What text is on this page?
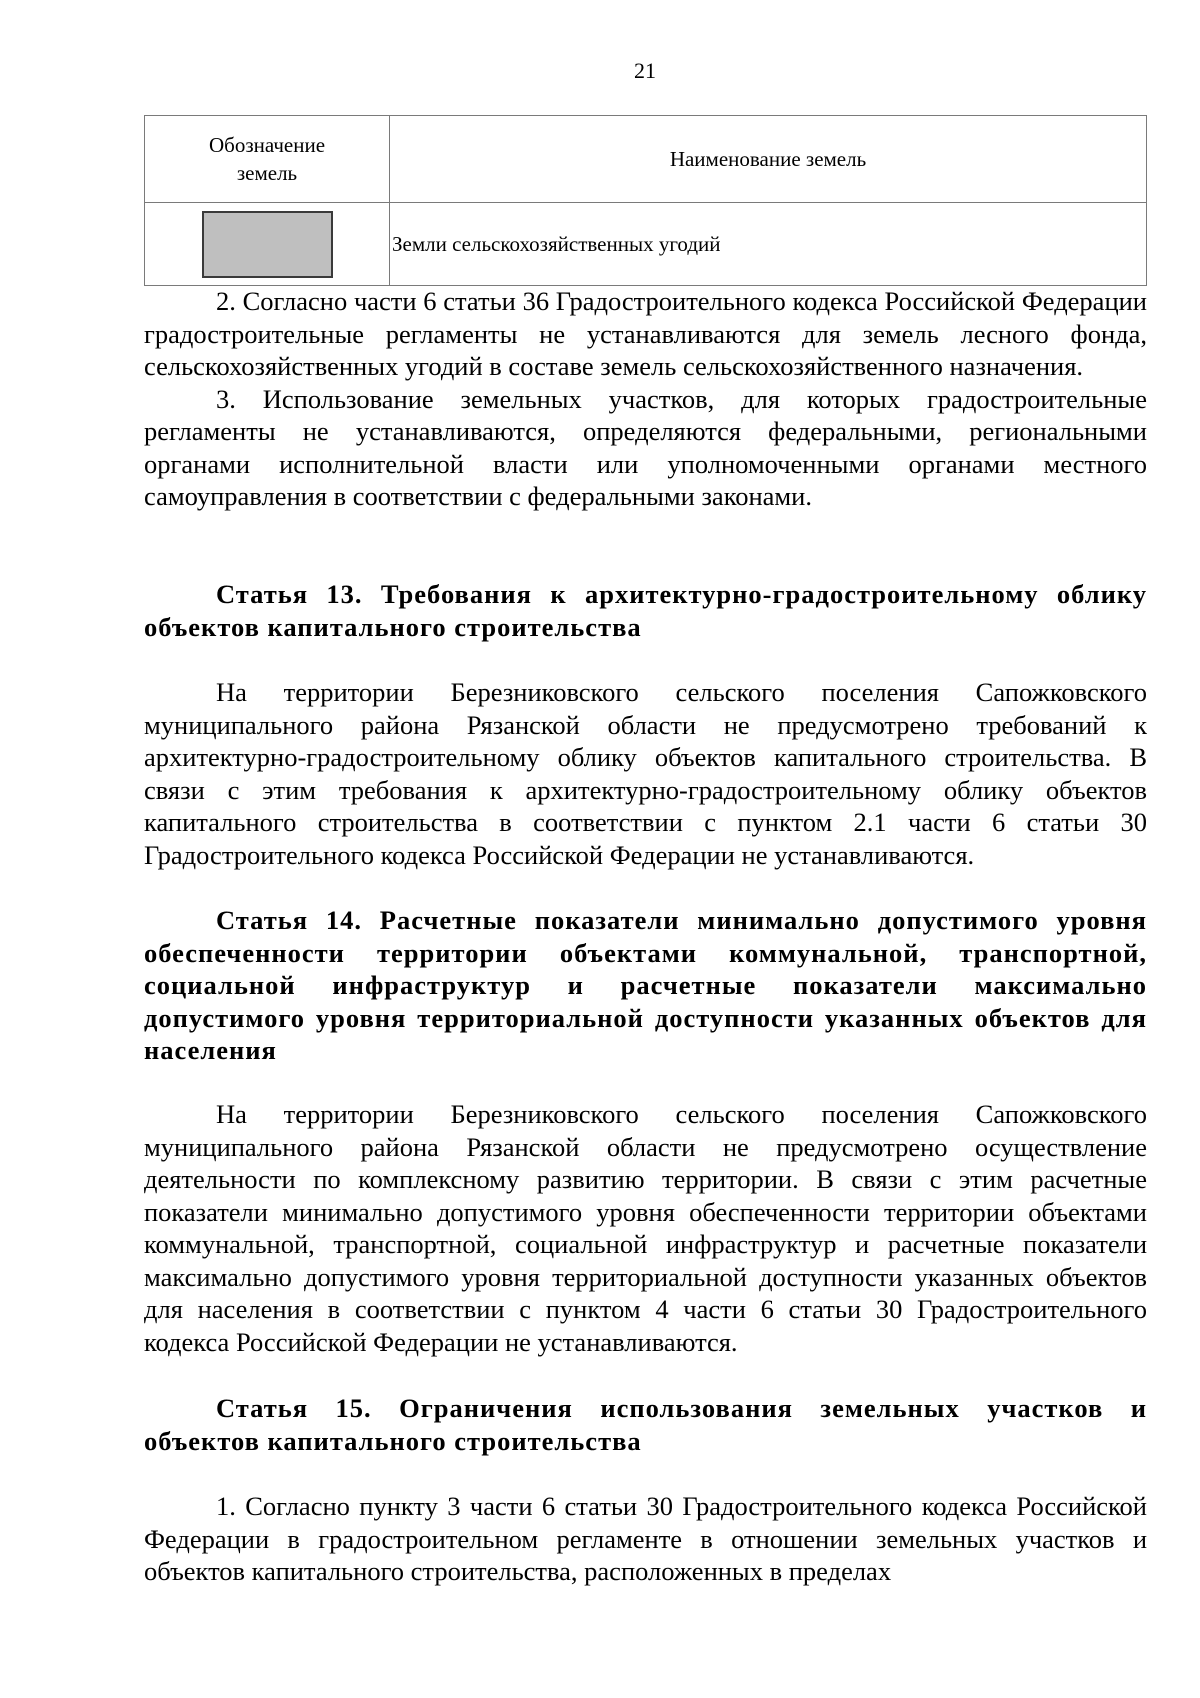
21
Обозначение земель	Наименование земель

	Земли сельскохозяйственных угодий

2. Согласно части 6 статьи 36 Градостроительного кодекса Российской Федерации градостроительные регламенты не устанавливаются для земель лесного фонда, сельскохозяйственных угодий в составе земель сельскохозяйственного назначения.

3. Использование земельных участков, для которых градостроительные регламенты не устанавливаются, определяются федеральными, региональными органами исполнительной власти или уполномоченными органами местного самоуправления в соответствии с федеральными законами.

Статья 13. Требования к архитектурно-градостроительному облику объектов капитального строительства

На территории Березниковского сельского поселения Сапожковского муниципального района Рязанской области не предусмотрено требований к архитектурно-градостроительному облику объектов капитального строительства. В связи с этим требования к архитектурно-градостроительному облику объектов капитального строительства в соответствии с пунктом 2.1 части 6 статьи 30 Градостроительного кодекса Российской Федерации не устанавливаются.

Статья 14. Расчетные показатели минимально допустимого уровня обеспеченности территории объектами коммунальной, транспортной, социальной инфраструктур и расчетные показатели максимально допустимого уровня территориальной доступности указанных объектов для населения

На территории Березниковского сельского поселения Сапожковского муниципального района Рязанской области не предусмотрено осуществление деятельности по комплексному развитию территории. В связи с этим расчетные показатели минимально допустимого уровня обеспеченности территории объектами коммунальной, транспортной, социальной инфраструктур и расчетные показатели максимально допустимого уровня территориальной доступности указанных объектов для населения в соответствии с пунктом 4 части 6 статьи 30 Градостроительного кодекса Российской Федерации не устанавливаются.

Статья 15. Ограничения использования земельных участков и объектов капитального строительства

1. Согласно пункту 3 части 6 статьи 30 Градостроительного кодекса Российской Федерации в градостроительном регламенте в отношении земельных участков и объектов капитального строительства, расположенных в пределах
